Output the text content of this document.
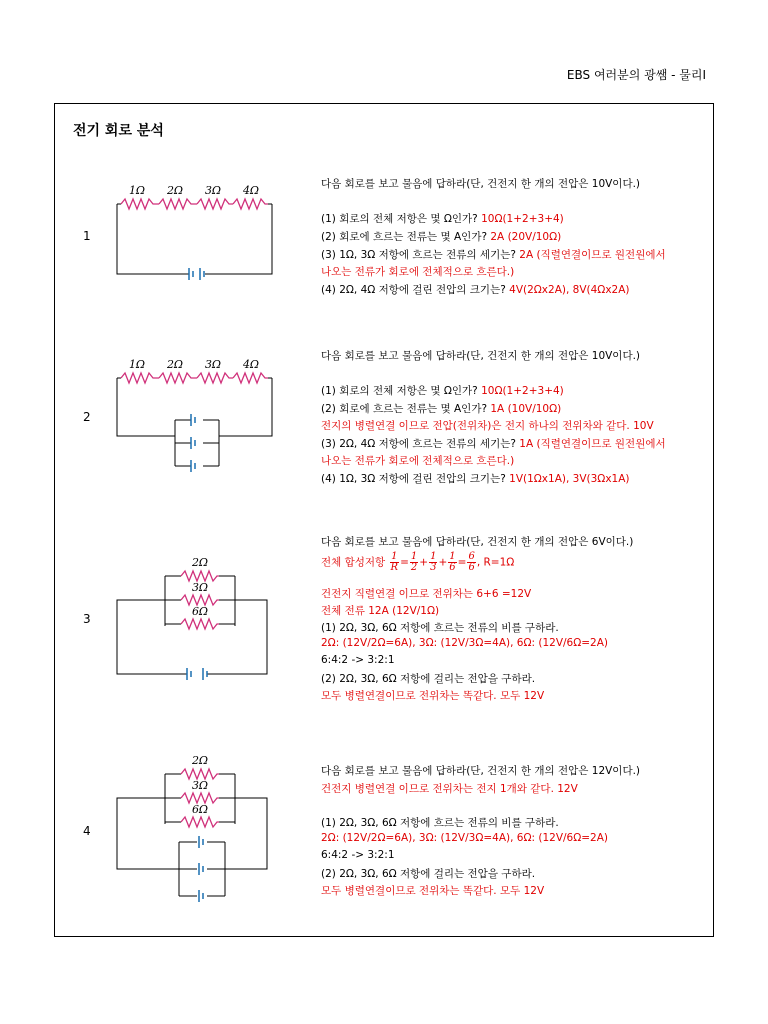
EBS 여러분의 광쌤 - 물리I
전기 회로 분석
1
1Ω 2Ω 3Ω 4Ω	다음 회로를 보고 물음에 답하라(단, 건전지 한 개의 전압은 10V이다.)
(1) 회로의 전체 저항은 몇 Ω인가? 10Ω(1+2+3+4)
(2) 회로에 흐르는 전류는 몇 A인가? 2A (20V/10Ω)
(3) 1Ω, 3Ω 저항에 흐르는 전류의 세기는? 2A (직렬연결이므로 원전원에서
나오는 전류가 회로에 전체적으로 흐른다.)
(4) 2Ω, 4Ω 저항에 걸린 전압의 크기는? 4V(2Ωx2A), 8V(4Ωx2A)
2
1Ω 2Ω 3Ω 4Ω
다음 회로를 보고 물음에 답하라(단, 건전지 한 개의 전압은 10V이다.)
(1) 회로의 전체 저항은 몇 Ω인가? 10Ω(1+2+3+4)
(2) 회로에 흐르는 전류는 몇 A인가? 1A (10V/10Ω)
전지의 병렬연결 이므로 전압(전위차)은 전지 하나의 전위차와 같다. 10V
(3) 2Ω, 4Ω 저항에 흐르는 전류의 세기는? 1A (직렬연결이므로 원전원에서
나오는 전류가 회로에 전체적으로 흐른다.)
(4) 1Ω, 3Ω 저항에 걸린 전압의 크기는? 1V(1Ωx1A), 3V(3Ωx1A)
3
2Ω
3Ω
6Ω
다음 회로를 보고 물음에 답하라(단, 건전지 한 개의 전압은 6V이다.)
전체 합성저항 $\frac{1}{R} = \frac{1}{2} + \frac{1}{3} + \frac{1}{6} = \frac{6}{6}$ , R=1Ω
건전지 직렬연결 이므로 전위차는 6+6 =12V
전체 전류 12A (12V/1Ω)
(1) 2Ω, 3Ω, 6Ω 저항에 흐르는 전류의 비를 구하라.
2Ω: (12V/2Ω=6A), 3Ω: (12V/3Ω=4A), 6Ω: (12V/6Ω=2A)
6:4:2 -> 3:2:1
(2) 2Ω, 3Ω, 6Ω 저항에 걸리는 전압을 구하라.
모두 병렬연결이므로 전위차는 똑같다. 모두 12V
4
2Ω
3Ω
6Ω
다음 회로를 보고 물음에 답하라(단, 건전지 한 개의 전압은 12V이다.)
건전지 병렬연결 이므로 전위차는 전지 1개와 같다. 12V
(1) 2Ω, 3Ω, 6Ω 저항에 흐르는 전류의 비를 구하라.
2Ω: (12V/2Ω=6A), 3Ω: (12V/3Ω=4A), 6Ω: (12V/6Ω=2A)
6:4:2 -> 3:2:1
(2) 2Ω, 3Ω, 6Ω 저항에 걸리는 전압을 구하라.
모두 병렬연결이므로 전위차는 똑같다. 모두 12V
